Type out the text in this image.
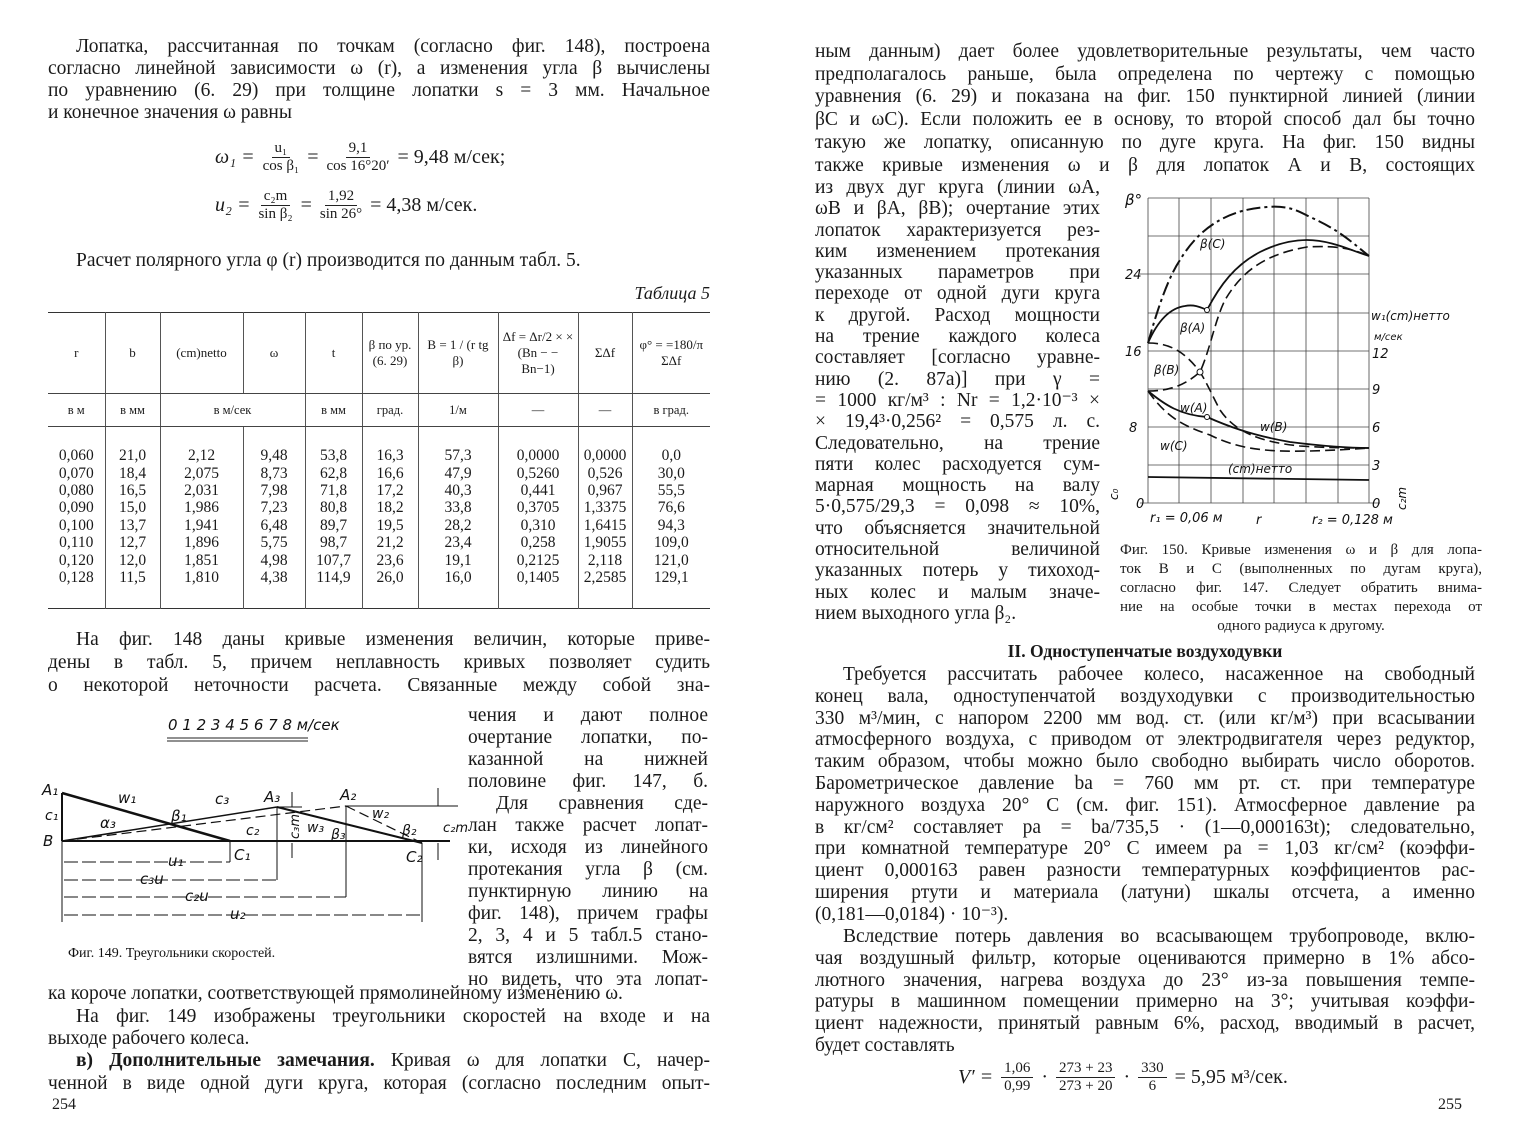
Лопатка, рассчитанная по точкам (согласно фиг. 148), построена
согласно линейной зависимости ω (r), а изменения угла β вычислены
по уравнению (6. 29) при толщине лопатки s = 3 мм. Начальное
и конечное значения ω равны
$\omega_1 = \frac{\text{u₁}}{\text{cos β₁}} = \frac{9,1}{\cos 16^\circ 20'} = 9,48$ м/сек;
$u_2 = \frac{\text{c₂m}}{\text{sin β₂}} = \frac{1,92}{\sin 26^\circ} = 4,38$ м/сек.
Расчет полярного угла φ (r) производится по данным табл. 5.
Таблица 5
r	b	(cm)netto	ω	t	β по ур. (6. 29)	B = 1 / (r tg β)	Δf = Δr/2 × × (Bn − − Bn−1)	ΣΔf	φ° = =180/π ΣΔf
в м	в мм	в м/сек		в мм	град.	1/м	—	—	в град.

0,060	21,0	2,12	9,48	53,8	16,3	57,3	0,0000	0,0000	0,0
0,070	18,4	2,075	8,73	62,8	16,6	47,9	0,5260	0,526	30,0
0,080	16,5	2,031	7,98	71,8	17,2	40,3	0,441	0,967	55,5
0,090	15,0	1,986	7,23	80,8	18,2	33,8	0,3705	1,3375	76,6
0,100	13,7	1,941	6,48	89,7	19,5	28,2	0,310	1,6415	94,3
0,110	12,7	1,896	5,75	98,7	21,2	23,4	0,258	1,9055	109,0
0,120	12,0	1,851	4,98	107,7	23,6	19,1	0,2125	2,118	121,0
0,128	11,5	1,810	4,38	114,9	26,0	16,0	0,1405	2,2585	129,1

На фиг. 148 даны кривые изменения величин, которые приве-
дены в табл. 5, причем неплавность кривых позволяет судить
о некоторой неточности расчета. Связанные между собой зна-
0 1 2 3 4 5 6 7 8 м/сек
A₁
c₁
B
w₁
α₃	β₁
c₃ A₃	A₂
c₂ c₃m w₃ β₃
w₂
β₂ c₂m
C₁	C₂
u₁
c₃u
c₂u
u₂
Фиг. 149. Треугольники скоростей.
чения и дают полное
очертание лопатки, по-
казанной на нижней
половине фиг. 147, б.
Для сравнения сде-
лан также расчет лопат-
ки, исходя из линейного
протекания угла β (см.
пунктирную линию на
фиг. 148), причем графы
2, 3, 4 и 5 табл.5 стано-
вятся излишними. Мож-
но видеть, что эта лопат-
ка короче лопатки, соответствующей прямолинейному изменению ω.
На фиг. 149 изображены треугольники скоростей на входе и на
выходе рабочего колеса.
в) Дополнительные замечания. Кривая ω для лопатки С, начер-
ченной в виде одной дуги круга, которая (согласно последним опыт-
254
ным данным) дает более удовлетворительные результаты, чем часто
предполагалось раньше, была определена по чертежу с помощью
уравнения (6. 29) и показана на фиг. 150 пунктирной линией (линии
βC и ωC). Если положить ее в основу, то второй способ дал бы точно
такую же лопатку, описанную по дуге круга. На фиг. 150 видны
также кривые изменения ω и β для лопаток А и В, состоящих
из двух дуг круга (линии ωА,
ωВ и βА, βВ); очертание этих
лопаток характеризуется рез-
ким изменением протекания
указанных параметров при
переходе от одной дуги круга
к другой. Расход мощности
на трение каждого колеса
составляет [согласно уравне-
нию (2. 87а)] при γ =
= 1000 кг/м³ : Nr = 1,2·10⁻³ ×
× 19,4³·0,256² = 0,575 л. с.
Следовательно, на трение
пяти колес расходуется сум-
марная мощность на валу
5·0,575/29,3 = 0,098 ≈ 10%,
что объясняется значительной
относительной величиной
указанных потерь у тихоход-
ных колес и малым значе-
нием выходного угла β₂.
β°
24
16
8
0
12
9
6
3
0
w₁(cm)нетто
м/сек
β(C)
β(A)
β(B)
w(A)
w(B)
w(C)
(cm)нетто
c₀	c₂m
r₁ = 0,06 м	r	r₂ = 0,128 м
Фиг. 150. Кривые изменения ω и β для лопа-
ток В и С (выполненных по дугам круга),
согласно фиг. 147. Следует обратить внима-
ние на особые точки в местах перехода от
одного радиуса к другому.
II. Одноступенчатые воздуходувки
Требуется рассчитать рабочее колесо, насаженное на свободный
конец вала, одноступенчатой воздуходувки с производительностью
330 м³/мин, с напором 2200 мм вод. ст. (или кг/м³) при всасывании
атмосферного воздуха, с приводом от электродвигателя через редуктор,
таким образом, чтобы можно было свободно выбирать число оборотов.
Барометрическое давление bа = 760 мм рт. ст. при температуре
наружного воздуха 20° С (см. фиг. 151). Атмосферное давление pа
в кг/см² составляет pа = bа/735,5 · (1—0,000163t); следовательно,
при комнатной температуре 20° С имеем pа = 1,03 кг/см² (коэффи-
циент 0,000163 равен разности температурных коэффициентов рас-
ширения ртути и материала (латуни) шкалы отсчета, а именно
(0,181—0,0184) · 10⁻³).
Вследствие потерь давления во всасывающем трубопроводе, вклю-
чая воздушный фильтр, которые оцениваются примерно в 1% абсо-
лютного значения, нагрева воздуха до 23° из-за повышения темпе-
ратуры в машинном помещении примерно на 3°; учитывая коэффи-
циент надежности, принятый равным 6%, расход, вводимый в расчет,
будет составлять
$V' = \frac{1,06}{0,99} \cdot \frac{273 + 23}{273 + 20} \cdot \frac{330}{6} = 5,95$ м³/сек.
255
